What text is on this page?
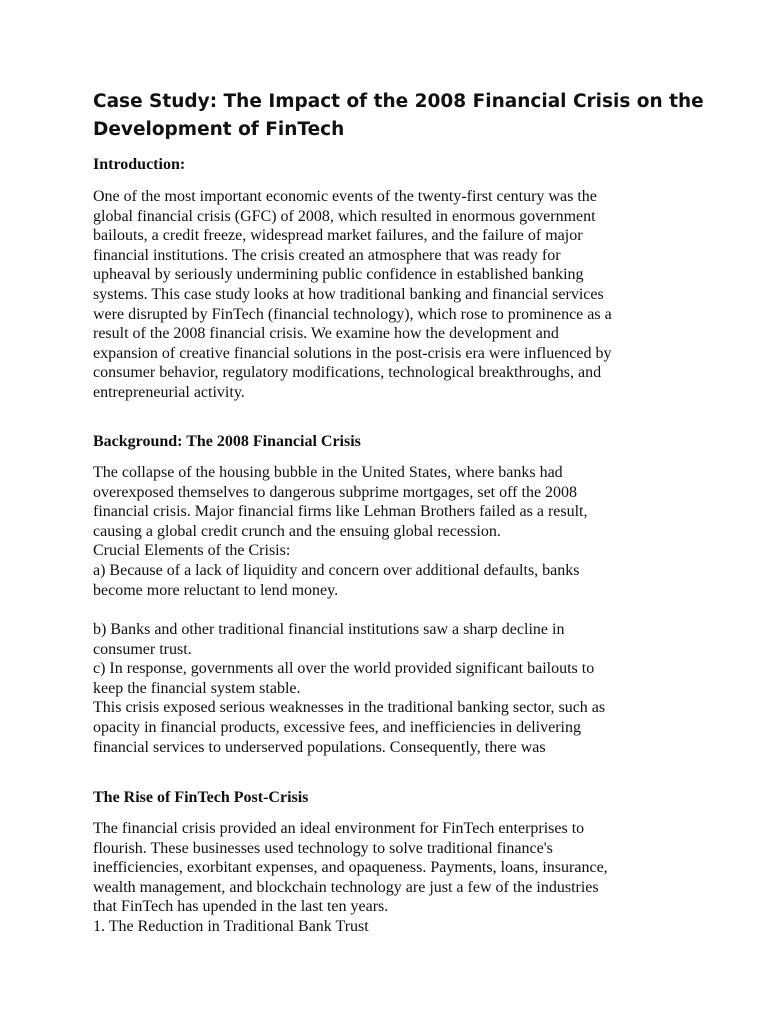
Case Study: The Impact of the 2008 Financial Crisis on the
Development of FinTech
Introduction:

One of the most important economic events of the twenty-first century was the
global financial crisis (GFC) of 2008, which resulted in enormous government
bailouts, a credit freeze, widespread market failures, and the failure of major
financial institutions. The crisis created an atmosphere that was ready for
upheaval by seriously undermining public confidence in established banking
systems. This case study looks at how traditional banking and financial services
were disrupted by FinTech (financial technology), which rose to prominence as a
result of the 2008 financial crisis. We examine how the development and
expansion of creative financial solutions in the post-crisis era were influenced by
consumer behavior, regulatory modifications, technological breakthroughs, and
entrepreneurial activity.

Background: The 2008 Financial Crisis

The collapse of the housing bubble in the United States, where banks had
overexposed themselves to dangerous subprime mortgages, set off the 2008
financial crisis. Major financial firms like Lehman Brothers failed as a result,
causing a global credit crunch and the ensuing global recession.
Crucial Elements of the Crisis:
a) Because of a lack of liquidity and concern over additional defaults, banks
become more reluctant to lend money.

b) Banks and other traditional financial institutions saw a sharp decline in
consumer trust.
c) In response, governments all over the world provided significant bailouts to
keep the financial system stable.
This crisis exposed serious weaknesses in the traditional banking sector, such as
opacity in financial products, excessive fees, and inefficiencies in delivering
financial services to underserved populations. Consequently, there was

The Rise of FinTech Post-Crisis

The financial crisis provided an ideal environment for FinTech enterprises to
flourish. These businesses used technology to solve traditional finance's
inefficiencies, exorbitant expenses, and opaqueness. Payments, loans, insurance,
wealth management, and blockchain technology are just a few of the industries
that FinTech has upended in the last ten years.
1. The Reduction in Traditional Bank Trust
